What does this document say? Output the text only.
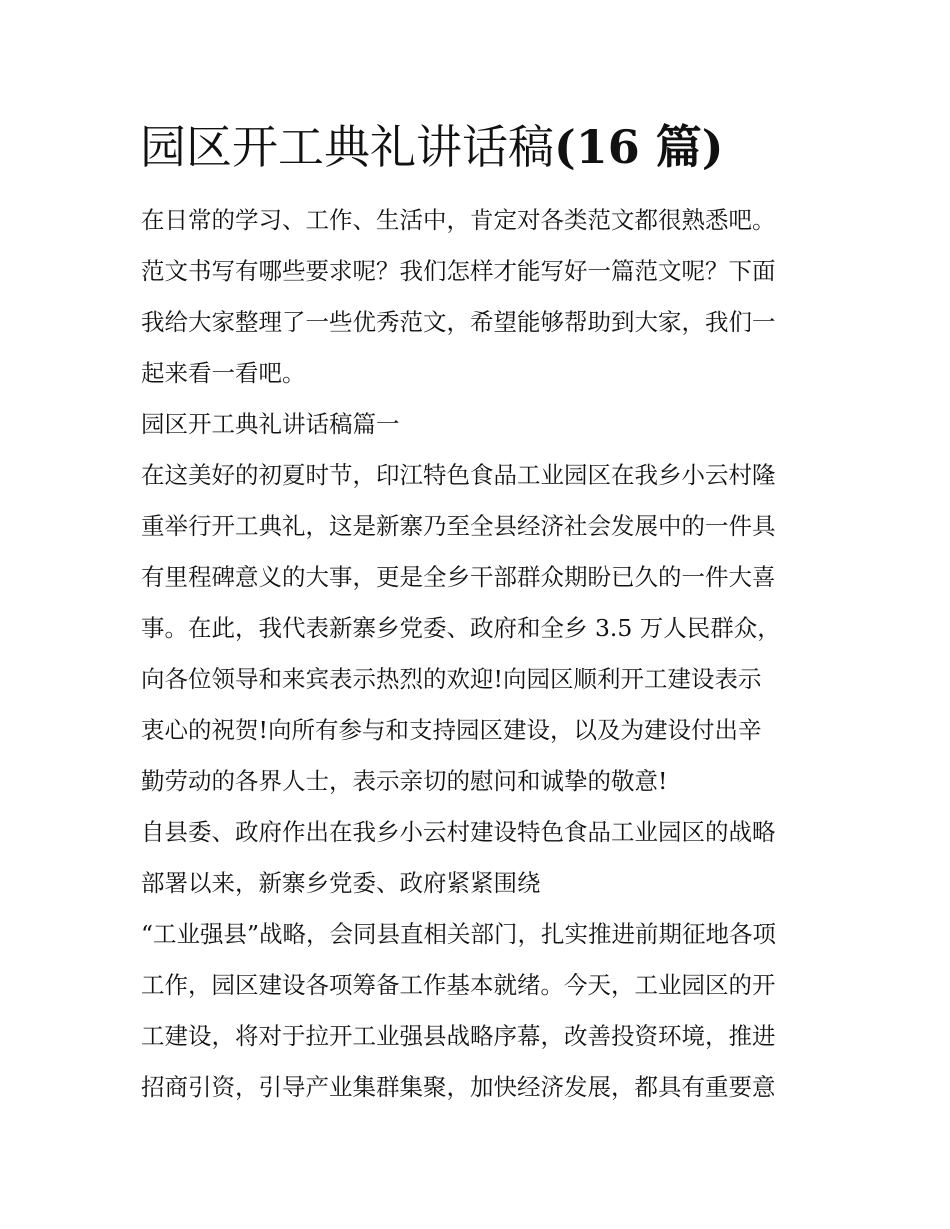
园区开工典礼讲话稿(16 篇)

在日常的学习、工作、生活中，肯定对各类范文都很熟悉吧。

范文书写有哪些要求呢？我们怎样才能写好一篇范文呢？下面

我给大家整理了一些优秀范文，希望能够帮助到大家，我们一

起来看一看吧。

园区开工典礼讲话稿篇一

在这美好的初夏时节，印江特色食品工业园区在我乡小云村隆

重举行开工典礼，这是新寨乃至全县经济社会发展中的一件具

有里程碑意义的大事，更是全乡干部群众期盼已久的一件大喜

事。在此，我代表新寨乡党委、政府和全乡 3.5 万人民群众，

向各位领导和来宾表示热烈的欢迎!向园区顺利开工建设表示

衷心的祝贺!向所有参与和支持园区建设，以及为建设付出辛

勤劳动的各界人士，表示亲切的慰问和诚挚的敬意!

自县委、政府作出在我乡小云村建设特色食品工业园区的战略

部署以来，新寨乡党委、政府紧紧围绕

“工业强县”战略，会同县直相关部门，扎实推进前期征地各项

工作，园区建设各项筹备工作基本就绪。今天，工业园区的开

工建设，将对于拉开工业强县战略序幕，改善投资环境，推进

招商引资，引导产业集群集聚，加快经济发展，都具有重要意
